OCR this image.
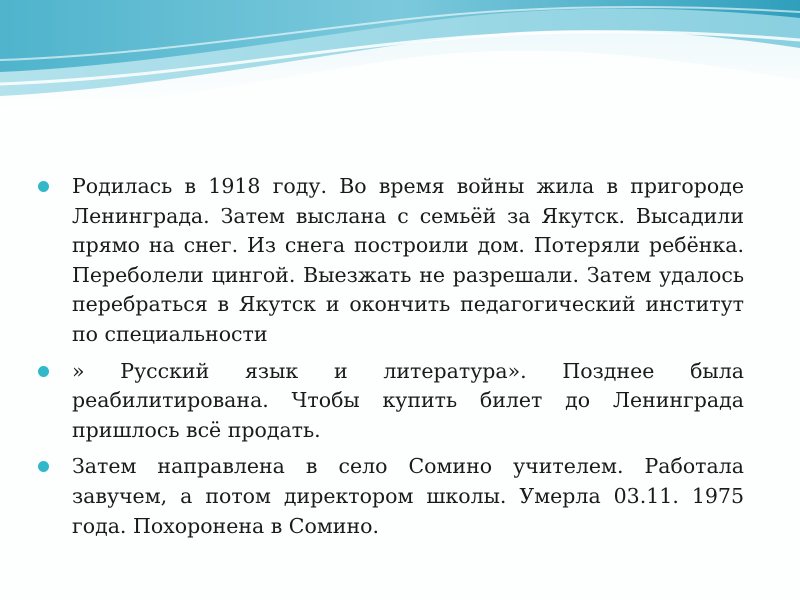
Родилась в 1918 году. Во время войны жила в пригороде Ленинграда. Затем выслана с семьёй за Якутск. Высадили прямо на снег. Из снега построили дом. Потеряли ребёнка. Переболели цингой. Выезжать не разрешали. Затем удалось перебраться в Якутск и окончить педагогический институт по специальности
» Русский язык и литература». Позднее была реабилитирована. Чтобы купить билет до Ленинграда пришлось всё продать.
Затем направлена в село Сомино учителем. Работала завучем, а потом директором школы. Умерла 03.11. 1975 года. Похоронена в Сомино.
